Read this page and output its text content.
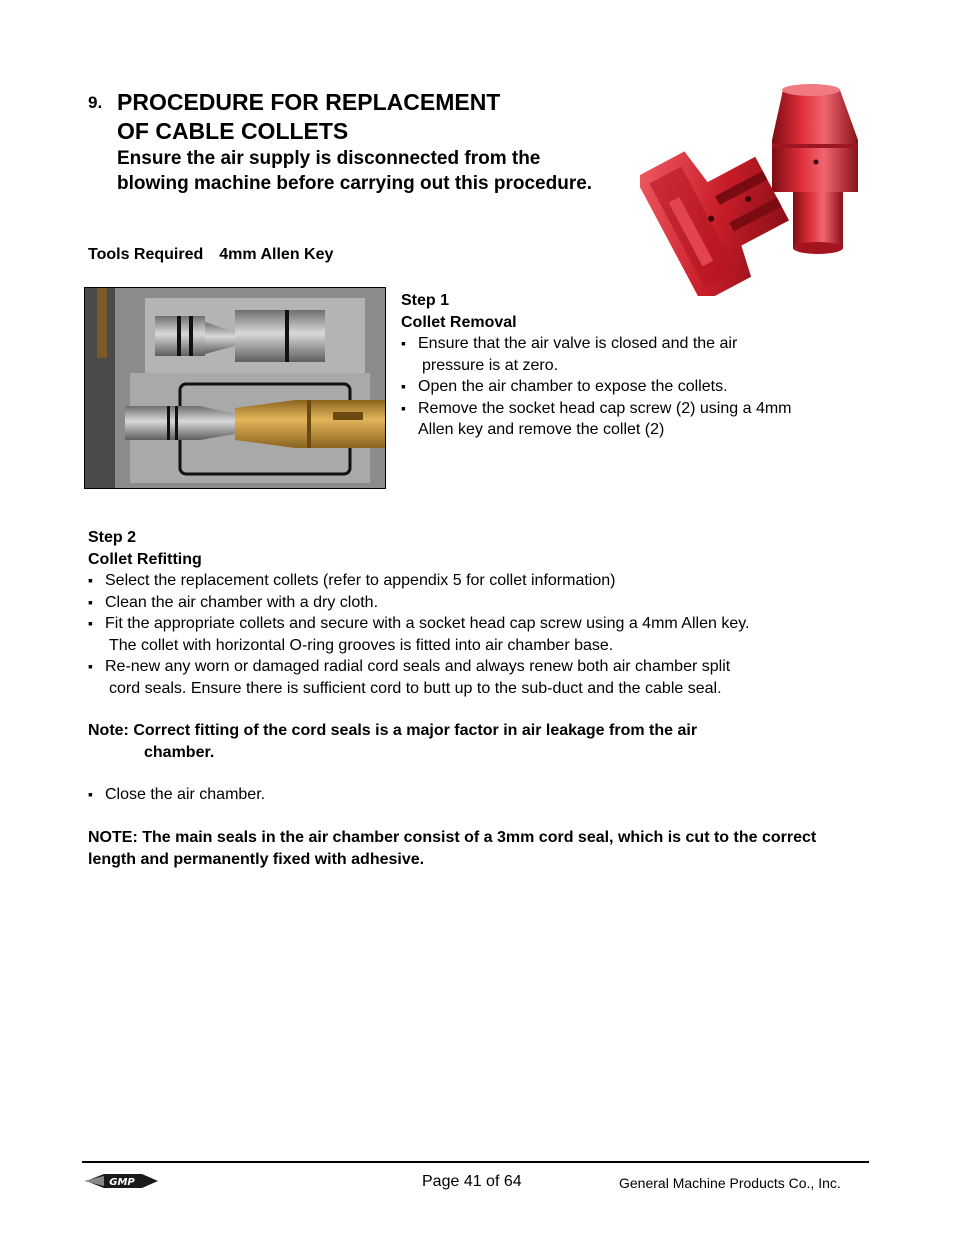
9. PROCEDURE FOR REPLACEMENT
OF CABLE COLLETS

Ensure the air supply is disconnected from the blowing machine before carrying out this procedure.

Tools Required 4mm Allen Key
Step 1
Collet Removal
▪ Ensure that the air valve is closed and the air
pressure is at zero.
▪ Open the air chamber to expose the collets.
▪ Remove the socket head cap screw (2) using a 4mm
Allen key and remove the collet (2)
Step 2
Collet Refitting
▪ Select the replacement collets (refer to appendix 5 for collet information)
▪ Clean the air chamber with a dry cloth.
▪ Fit the appropriate collets and secure with a socket head cap screw using a 4mm Allen key.
The collet with horizontal O-ring grooves is fitted into air chamber base.
▪ Re-new any worn or damaged radial cord seals and always renew both air chamber split
cord seals. Ensure there is sufficient cord to butt up to the sub-duct and the cable seal.
Note: Correct fitting of the cord seals is a major factor in air leakage from the air
chamber.
▪ Close the air chamber.
NOTE: The main seals in the air chamber consist of a 3mm cord seal, which is cut to the correct length and permanently fixed with adhesive.
GMP	Page 41 of 64	General Machine Products Co., Inc.
